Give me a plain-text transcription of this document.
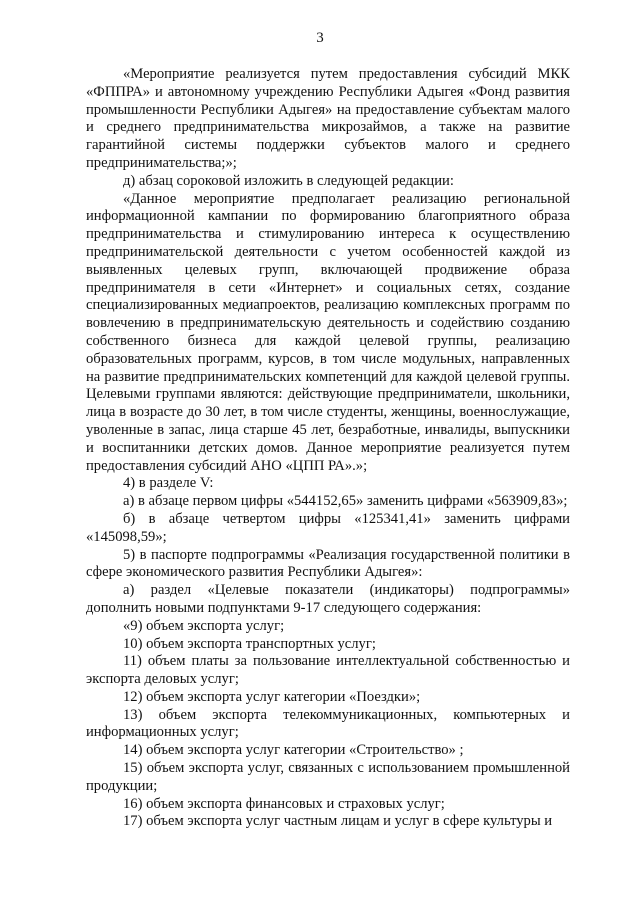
3

«Мероприятие реализуется путем предоставления субсидий МКК «ФППРА» и автономному учреждению Республики Адыгея «Фонд развития промышленности Республики Адыгея» на предоставление субъектам малого и среднего предпринимательства микрозаймов, а также на развитие гарантийной системы поддержки субъектов малого и среднего предпринимательства;»;

д) абзац сороковой изложить в следующей редакции:

«Данное мероприятие предполагает реализацию региональной информационной кампании по формированию благоприятного образа предпринимательства и стимулированию интереса к осуществлению предпринимательской деятельности с учетом особенностей каждой из выявленных целевых групп, включающей продвижение образа предпринимателя в сети «Интернет» и социальных сетях, создание специализированных медиапроектов, реализацию комплексных программ по вовлечению в предпринимательскую деятельность и содействию созданию собственного бизнеса для каждой целевой группы, реализацию образовательных программ, курсов, в том числе модульных, направленных на развитие предпринимательских компетенций для каждой целевой группы. Целевыми группами являются: действующие предприниматели, школьники, лица в возрасте до 30 лет, в том числе студенты, женщины, военнослужащие, уволенные в запас, лица старше 45 лет, безработные, инвалиды, выпускники и воспитанники детских домов. Данное мероприятие реализуется путем предоставления субсидий АНО «ЦПП РА».»;

4) в разделе V:

а) в абзаце первом цифры «544152,65» заменить цифрами «563909,83»;

б) в абзаце четвертом цифры «125341,41» заменить цифрами «145098,59»;

5) в паспорте подпрограммы «Реализация государственной политики в сфере экономического развития Республики Адыгея»:

а) раздел «Целевые показатели (индикаторы) подпрограммы» дополнить новыми подпунктами 9-17 следующего содержания:

«9) объем экспорта услуг;

10) объем экспорта транспортных услуг;

11) объем платы за пользование интеллектуальной собственностью и экспорта деловых услуг;

12) объем экспорта услуг категории «Поездки»;

13) объем экспорта телекоммуникационных, компьютерных и информационных услуг;

14) объем экспорта услуг категории «Строительство» ;

15) объем экспорта услуг, связанных с использованием промышленной продукции;

16) объем экспорта финансовых и страховых услуг;

17) объем экспорта услуг частным лицам и услуг в сфере культуры и
